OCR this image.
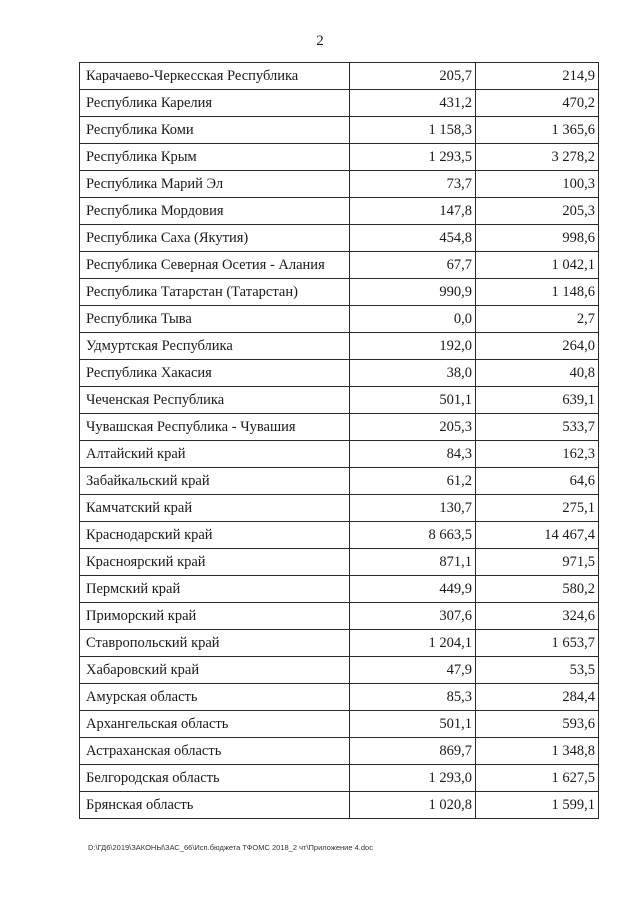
2
Карачаево-Черкесская Республика	205,7	214,9
Республика Карелия	431,2	470,2
Республика Коми	1 158,3	1 365,6
Республика Крым	1 293,5	3 278,2
Республика Марий Эл	73,7	100,3
Республика Мордовия	147,8	205,3
Республика Саха (Якутия)	454,8	998,6
Республика Северная Осетия - Алания	67,7	1 042,1
Республика Татарстан (Татарстан)	990,9	1 148,6
Республика Тыва	0,0	2,7
Удмуртская Республика	192,0	264,0
Республика Хакасия	38,0	40,8
Чеченская Республика	501,1	639,1
Чувашская Республика - Чувашия	205,3	533,7
Алтайский край	84,3	162,3
Забайкальский край	61,2	64,6
Камчатский край	130,7	275,1
Краснодарский край	8 663,5	14 467,4
Красноярский край	871,1	971,5
Пермский край	449,9	580,2
Приморский край	307,6	324,6
Ставропольский край	1 204,1	1 653,7
Хабаровский край	47,9	53,5
Амурская область	85,3	284,4
Архангельская область	501,1	593,6
Астраханская область	869,7	1 348,8
Белгородская область	1 293,0	1 627,5
Брянская область	1 020,8	1 599,1
D:\ГД6\2019\ЗАКОНЫ\ЗАС_66\Исп.бюджета ТФОМС 2018_2 чт\Приложение 4.doc
